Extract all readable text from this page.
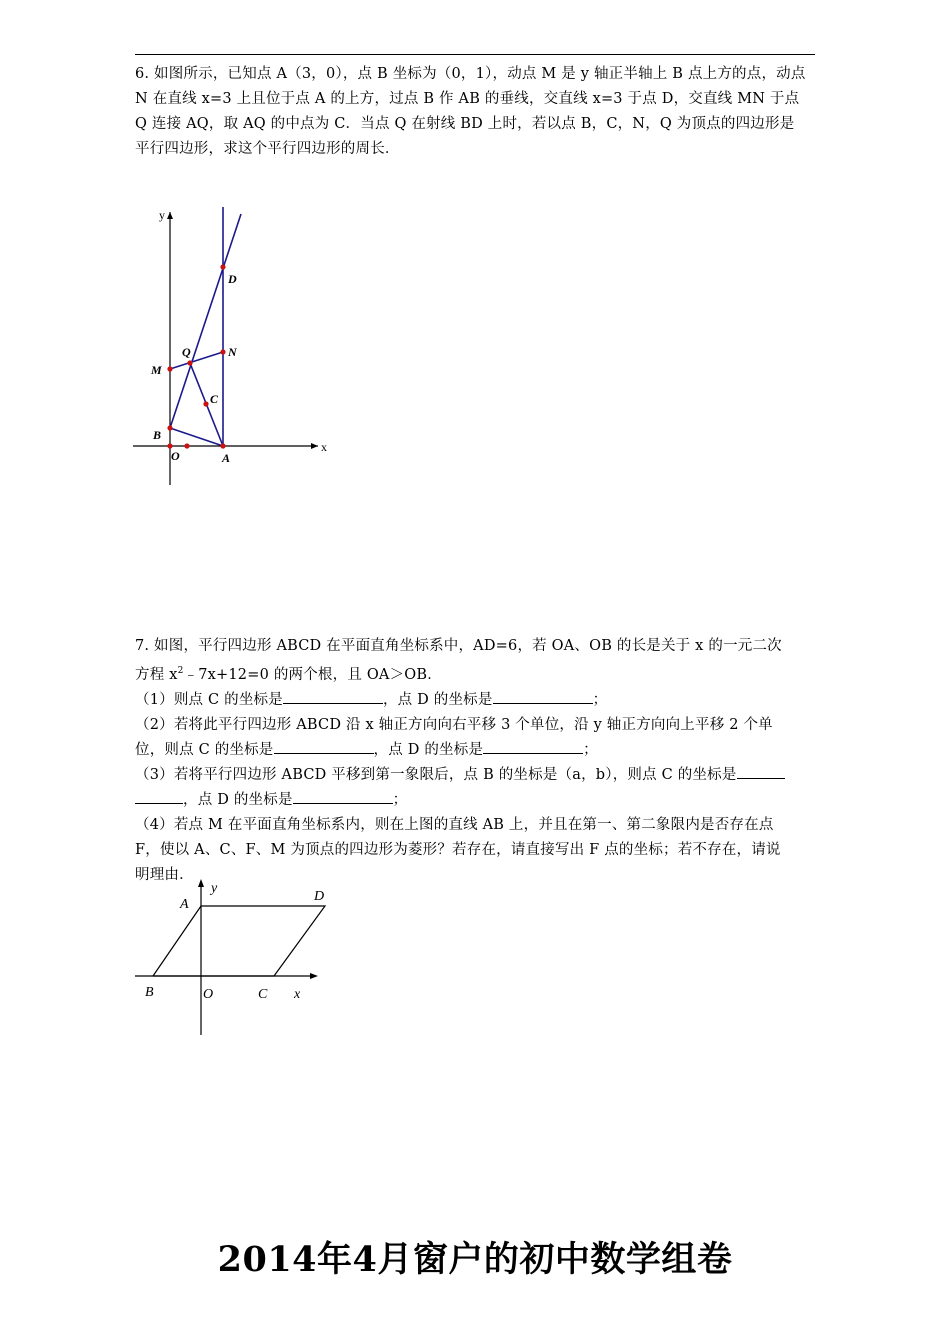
6. 如图所示，已知点 A（3，0），点 B 坐标为（0，1），动点 M 是 y 轴正半轴上 B 点上方的点，动点
N 在直线 x=3 上且位于点 A 的上方，过点 B 作 AB 的垂线，交直线 x=3 于点 D，交直线 MN 于点
Q 连接 AQ，取 AQ 的中点为 C．当点 Q 在射线 BD 上时，若以点 B，C，N，Q 为顶点的四边形是
平行四边形，求这个平行四边形的周长．
y
x
D
Q	N
M
C
B
O	A
7. 如图，平行四边形 ABCD 在平面直角坐标系中，AD=6，若 OA、OB 的长是关于 x 的一元二次
方程 $x^2﹣7x+12=0$ 的两个根，且 OA＞OB．
（1）则点 C 的坐标是	，点 D 的坐标是	；
（2）若将此平行四边形 ABCD 沿 x 轴正方向向右平移 3 个单位，沿 y 轴正方向向上平移 2 个单
位，则点 C 的坐标是	，点 D 的坐标是	；
（3）若将平行四边形 ABCD 平移到第一象限后，点 B 的坐标是（a，b），则点 C 的坐标是
，点 D 的坐标是	；
（4）若点 M 在平面直角坐标系内，则在上图的直线 AB 上，并且在第一、第二象限内是否存在点
F，使以 A、C、F、M 为顶点的四边形为菱形？若存在，请直接写出 F 点的坐标；若不存在，请说
明理由．
y
A
D
B	O	C x
2014年4月窗户的初中数学组卷
